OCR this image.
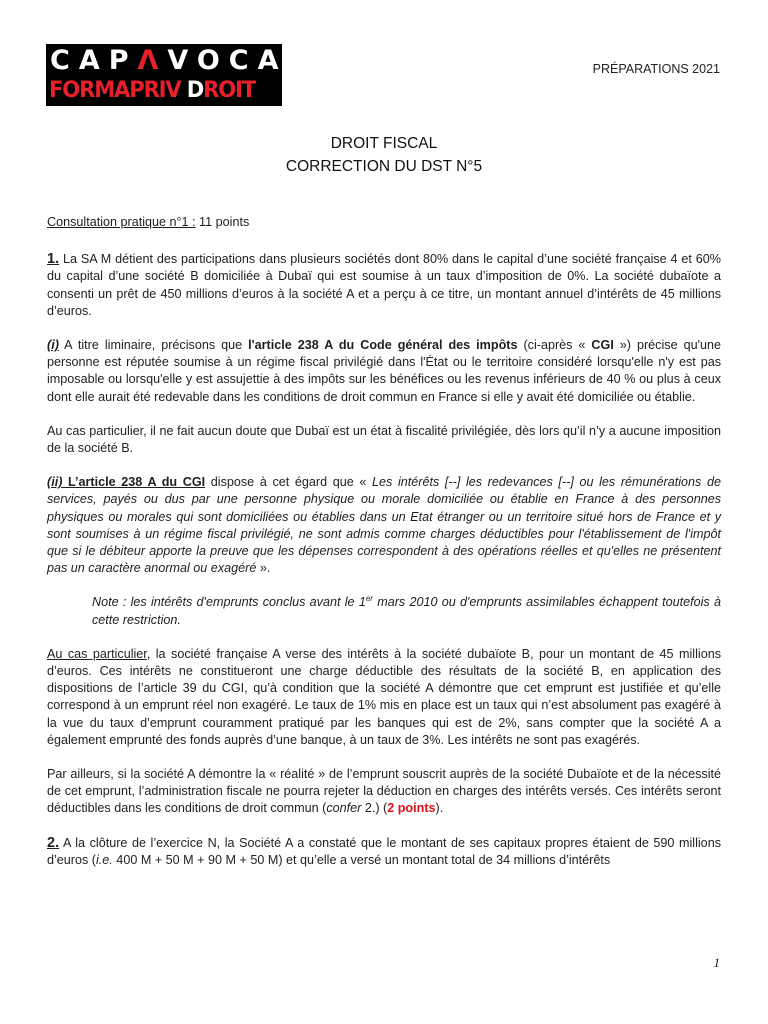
CAPΛVOCAT
FORMAPRIV DROIT
PRÉPARATIONS 2021
DROIT FISCAL
CORRECTION DU DST N°5

Consultation pratique n°1 : 11 points

1. La SA M détient des participations dans plusieurs sociétés dont 80% dans le capital d’une société française 4 et 60% du capital d’une société B domiciliée à Dubaï qui est soumise à un taux d’imposition de 0%. La société dubaïote a consenti un prêt de 450 millions d’euros à la société A et a perçu à ce titre, un montant annuel d’intérêts de 45 millions d’euros.

(i) A titre liminaire, précisons que l'article 238 A du Code général des impôts (ci-après « CGI ») précise qu'une personne est réputée soumise à un régime fiscal privilégié dans l'État ou le territoire considéré lorsqu'elle n'y est pas imposable ou lorsqu'elle y est assujettie à des impôts sur les bénéfices ou les revenus inférieurs de 40 % ou plus à ceux dont elle aurait été redevable dans les conditions de droit commun en France si elle y avait été domiciliée ou établie.

Au cas particulier, il ne fait aucun doute que Dubaï est un état à fiscalité privilégiée, dès lors qu’il n’y a aucune imposition de la société B.

(ii) L’article 238 A du CGI dispose à cet égard que « Les intérêts [--] les redevances [--] ou les rémunérations de services, payés ou dus par une personne physique ou morale domiciliée ou établie en France à des personnes physiques ou morales qui sont domiciliées ou établies dans un Etat étranger ou un territoire situé hors de France et y sont soumises à un régime fiscal privilégié, ne sont admis comme charges déductibles pour l'établissement de l'impôt que si le débiteur apporte la preuve que les dépenses correspondent à des opérations réelles et qu'elles ne présentent pas un caractère anormal ou exagéré ».

Note : les intérêts d'emprunts conclus avant le 1er mars 2010 ou d'emprunts assimilables échappent toutefois à cette restriction.

Au cas particulier, la société française A verse des intérêts à la société dubaïote B, pour un montant de 45 millions d’euros. Ces intérêts ne constitueront une charge déductible des résultats de la société B, en application des dispositions de l’article 39 du CGI, qu’à condition que la société A démontre que cet emprunt est justifiée et qu’elle correspond à un emprunt réel non exagéré. Le taux de 1% mis en place est un taux qui n’est absolument pas exagéré à la vue du taux d’emprunt couramment pratiqué par les banques qui est de 2%, sans compter que la société A a également emprunté des fonds auprès d’une banque, à un taux de 3%. Les intérêts ne sont pas exagérés.

Par ailleurs, si la société A démontre la « réalité » de l’emprunt souscrit auprès de la société Dubaïote et de la nécessité de cet emprunt, l’administration fiscale ne pourra rejeter la déduction en charges des intérêts versés. Ces intérêts seront déductibles dans les conditions de droit commun (confer 2.) (2 points).

2. A la clôture de l’exercice N, la Société A a constaté que le montant de ses capitaux propres étaient de 590 millions d’euros (i.e. 400 M + 50 M + 90 M + 50 M) et qu’elle a versé un montant total de 34 millions d’intérêts

1
